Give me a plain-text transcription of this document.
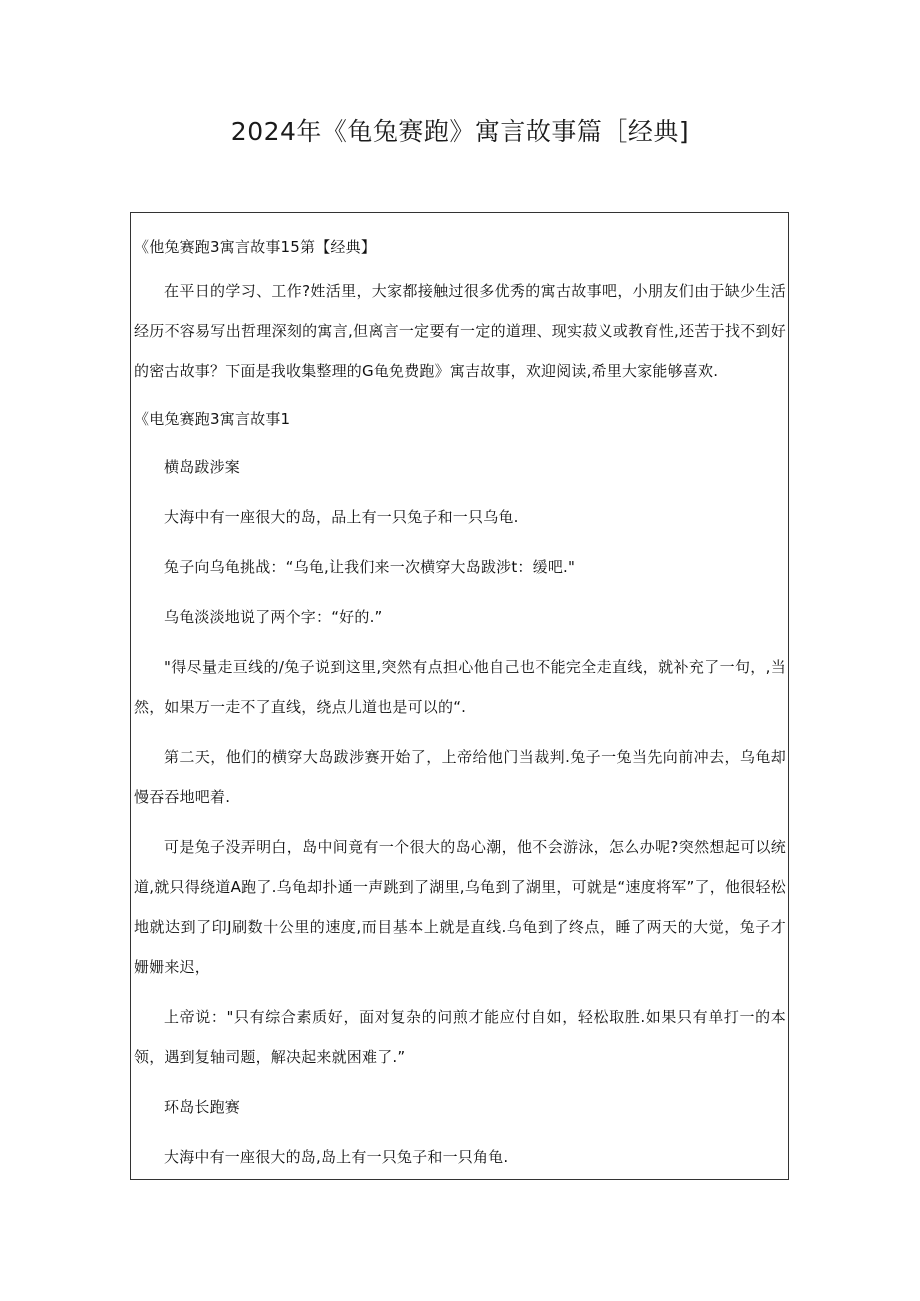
2024年《龟兔赛跑》寓言故事篇［经典]

《他兔赛跑3寓言故事15第【经典】

在平日的学习、工作?姓活里，大家都接触过很多优秀的寓古故事吧，小朋友们由于缺少生活经历不容易写出哲理深刻的寓言,但离言一定要有一定的道理、现实菽义或教育性,还苦于找不到好的密古故事？下面是我收集整理的G龟免费跑》寓吉故事，欢迎阅读,希里大家能够喜欢.

《电兔赛跑3寓言故事1

横岛跋涉案

大海中有一座很大的岛，品上有一只兔子和一只乌龟.

兔子向乌龟挑战：“乌龟,让我们来一次横穿大岛跋涉t：缓吧."

乌龟淡淡地说了两个字：“好的.”

"得尽量走亘线的/兔子说到这里,突然有点担心他自己也不能完全走直线，就补充了一句，,当然，如果万一走不了直线，绕点儿道也是可以的“.

第二天，他们的横穿大岛跋涉赛开始了，上帝给他门当裁判.兔子一兔当先向前冲去，乌龟却慢吞吞地吧着.

可是兔子没弄明白，岛中间竟有一个很大的岛心潮，他不会游泳，怎么办呢?突然想起可以统道,就只得绕道A跑了.乌龟却扑通一声跳到了湖里,乌龟到了湖里，可就是“速度将军”了，他很轻松地就达到了印J刷数十公里的速度,而目基本上就是直线.乌龟到了终点，睡了两天的大觉，兔子才姗姗来迟，

上帝说："只有综合素质好，面对复杂的问煎才能应付自如，轻松取胜.如果只有单打一的本领，遇到复轴司题，解决起来就困难了.”

环岛长跑赛

大海中有一座很大的岛,岛上有一只兔子和一只角龟.
